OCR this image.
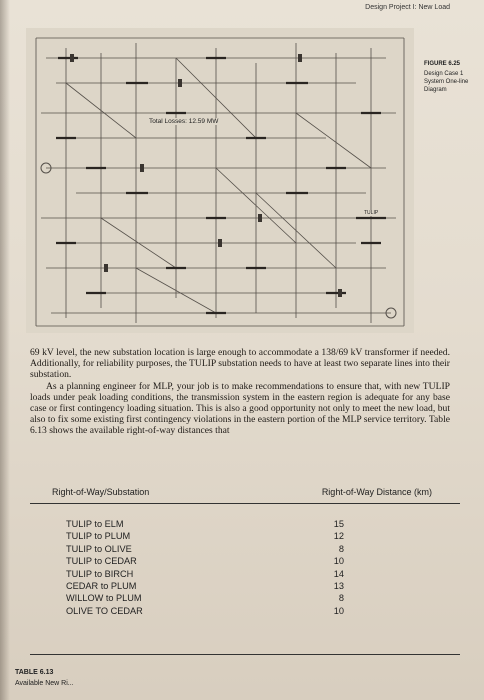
Design Project I: New Load
Total Losses: 12.59 MW
TULIP
FIGURE 6.25
Design Case 1
System One-line
Diagram

69 kV level, the new substation location is large enough to accommodate a 138/69 kV transformer if needed. Additionally, for reliability purposes, the TULIP substation needs to have at least two separate lines into their substation.

As a planning engineer for MLP, your job is to make recommendations to ensure that, with new TULIP loads under peak loading conditions, the transmission system in the eastern region is adequate for any base case or first contingency loading situation. This is also a good opportunity not only to meet the new load, but also to fix some existing first contingency violations in the eastern portion of the MLP service territory. Table 6.13 shows the available right-of-way distances that

Right-of-Way/Substation	Right-of-Way Distance (km)
TULIP to ELM	15
TULIP to PLUM	12
TULIP to OLIVE	8
TULIP to CEDAR	10
TULIP to BIRCH	14
CEDAR to PLUM	13
WILLOW to PLUM	8
OLIVE TO CEDAR	10
TABLE 6.13
Available New Ri...
